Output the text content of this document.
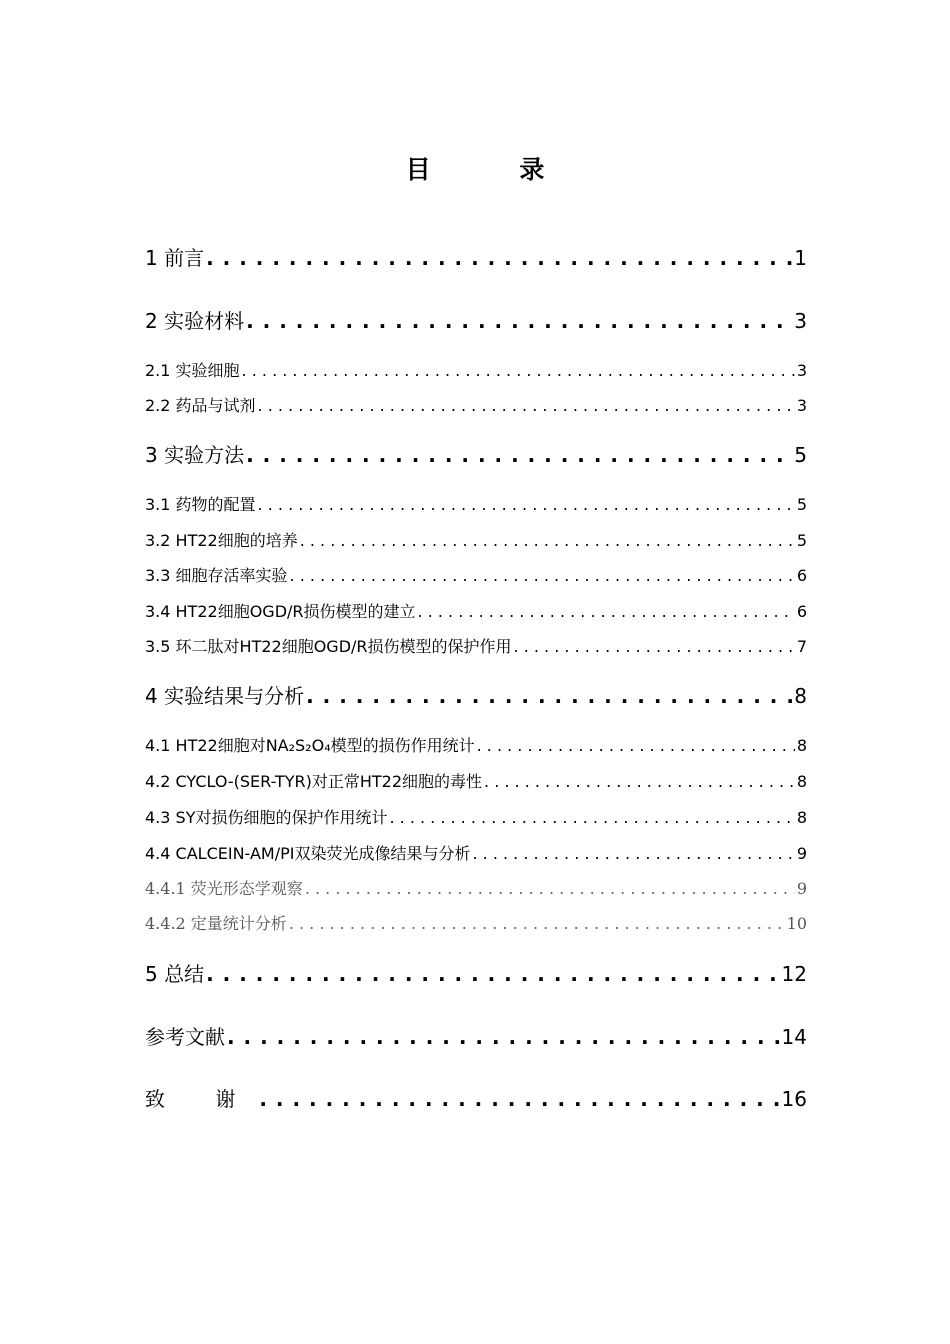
目 录
1 前言 . . .	1
2 实验材料 . . .	3
2.1 实验细胞 . . .	3
2.2 药品与试剂 . . .	3
3 实验方法 . . .	5
3.1 药物的配置 . . .	5
3.2 HT22细胞的培养 . . .	5
3.3 细胞存活率实验 . . .	6
3.4 HT22细胞OGD/R损伤模型的建立 . . .	6
3.5 环二肽对HT22细胞OGD/R损伤模型的保护作用 . . .	7
4 实验结果与分析 . . .	8
4.1 HT22细胞对NA₂S₂O₄模型的损伤作用统计 . . .	8
4.2 CYCLO-(SER-TYR)对正常HT22细胞的毒性 . . .	8
4.3 SY对损伤细胞的保护作用统计 . . .	8
4.4 CALCEIN-AM/PI双染荧光成像结果与分析 . . .	9
4.4.1 荧光形态学观察 . . .	9
4.4.2 定量统计分析 . . .	10
5 总结 . . .	12
参考文献 . . .	14
致 谢 . . .	16
